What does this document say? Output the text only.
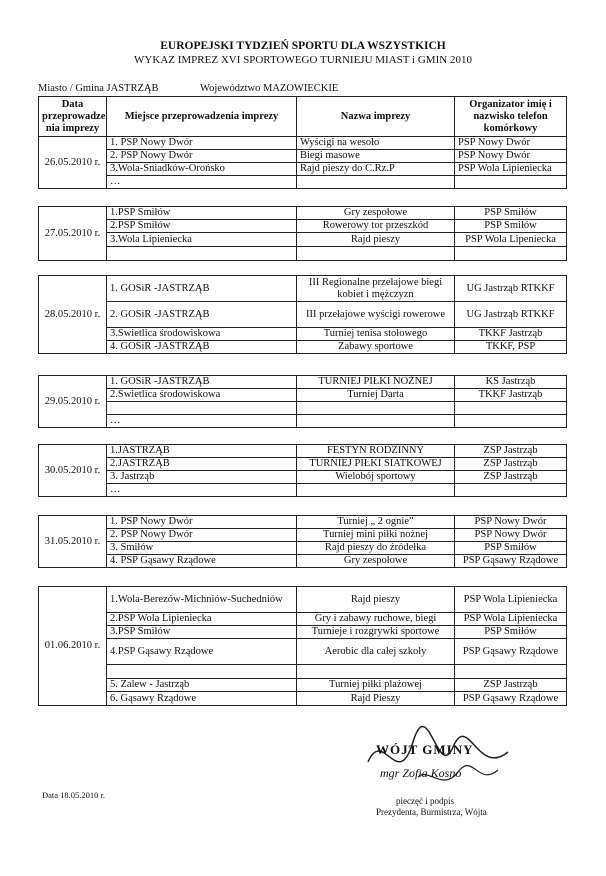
EUROPEJSKI TYDZIEŃ SPORTU DLA WSZYSTKICH
WYKAZ IMPREZ XVI SPORTOWEGO TURNIEJU MIAST i GMIN 2010
Miasto / Gmina JASTRZĄB	Województwo MAZOWIECKIE
Data przeprowadze nia imprezy	Miejsce przeprowadzenia imprezy	Nazwa imprezy	Organizator imię i nazwisko telefon komórkowy
26.05.2010 r.	1. PSP Nowy Dwór	Wyścigi na wesoło	PSP Nowy Dwór
	2. PSP Nowy Dwór	Biegi masowe	PSP Nowy Dwór
	3.Wola-Śniadków-Orońsko	Rajd pieszy do C.Rz.P	PSP Wola Lipieniecka
	…		
27.05.2010 r.	1.PSP Śmiłów	Gry zespołowe	PSP Śmiłów
	2.PSP Śmiłów	Rowerowy tor przeszkód	PSP Śmiłów
	3.Wola Lipieniecka	Rajd pieszy	PSP Wola Lipeniecka

28.05.2010 r.	1. GOSiR -JASTRZĄB	III Regionalne przełajowe biegi kobiet i mężczyzn	UG Jastrząb RTKKF
	2. GOSiR -JASTRZĄB	III przełajowe wyścigi rowerowe	UG Jastrząb RTKKF
	3.Świetlica środowiskowa	Turniej tenisa stołowego	TKKF Jastrząb
	4. GOSiR -JASTRZĄB	Zabawy sportowe	TKKF, PSP
29.05.2010 r.	1. GOSiR -JASTRZĄB	TURNIEJ PIŁKI NOŻNEJ	KS Jastrząb
	2.Świetlica środowiskowa	Turniej Darta	TKKF Jastrząb

	…		
30.05.2010 r.	1.JASTRZĄB	FESTYN RODZINNY	ZSP Jastrząb
	2.JASTRZĄB	TURNIEJ PIŁKI SIATKOWEJ	ZSP Jastrząb
	3. Jastrząb	Wielobój sportowy	ZSP Jastrząb
	…		
31.05.2010 r.	1. PSP Nowy Dwór	Turniej „ 2 ognie”	PSP Nowy Dwór
	2. PSP Nowy Dwór	Turniej mini piłki nożnej	PSP Nowy Dwór
	3. Śmiłów	Rajd pieszy do źródełka	PSP Śmiłów
	4. PSP Gąsawy Rządowe	Gry zespołowe	PSP Gąsawy Rządowe
01.06.2010 r.	1.Wola-Berezów-Michniów-Suchedniów	Rajd pieszy	PSP Wola Lipienieckа
	2.PSP Wola Lipieniecka	Gry i zabawy ruchowe, biegi	PSP Wola Lipieniecka
	3.PSP Śmiłów	Turnieje i rozgrywki sportowe	PSP Śmiłów
	4.PSP Gąsawy Rządowe	Aerobic dla całej szkoły	PSP Gąsawy Rządowe

	5. Zalew - Jastrząb	Turniej piłki plażowej	ZSP Jastrząb
	6. Gąsawy Rządowe	Rajd Pieszy	PSP Gąsawy Rządowe
Data 18.05.2010 r.
WÓJT GMINY
mgr Zofia Kosno
pieczęć i podpis
Prezydenta, Burmistrza, Wójta
